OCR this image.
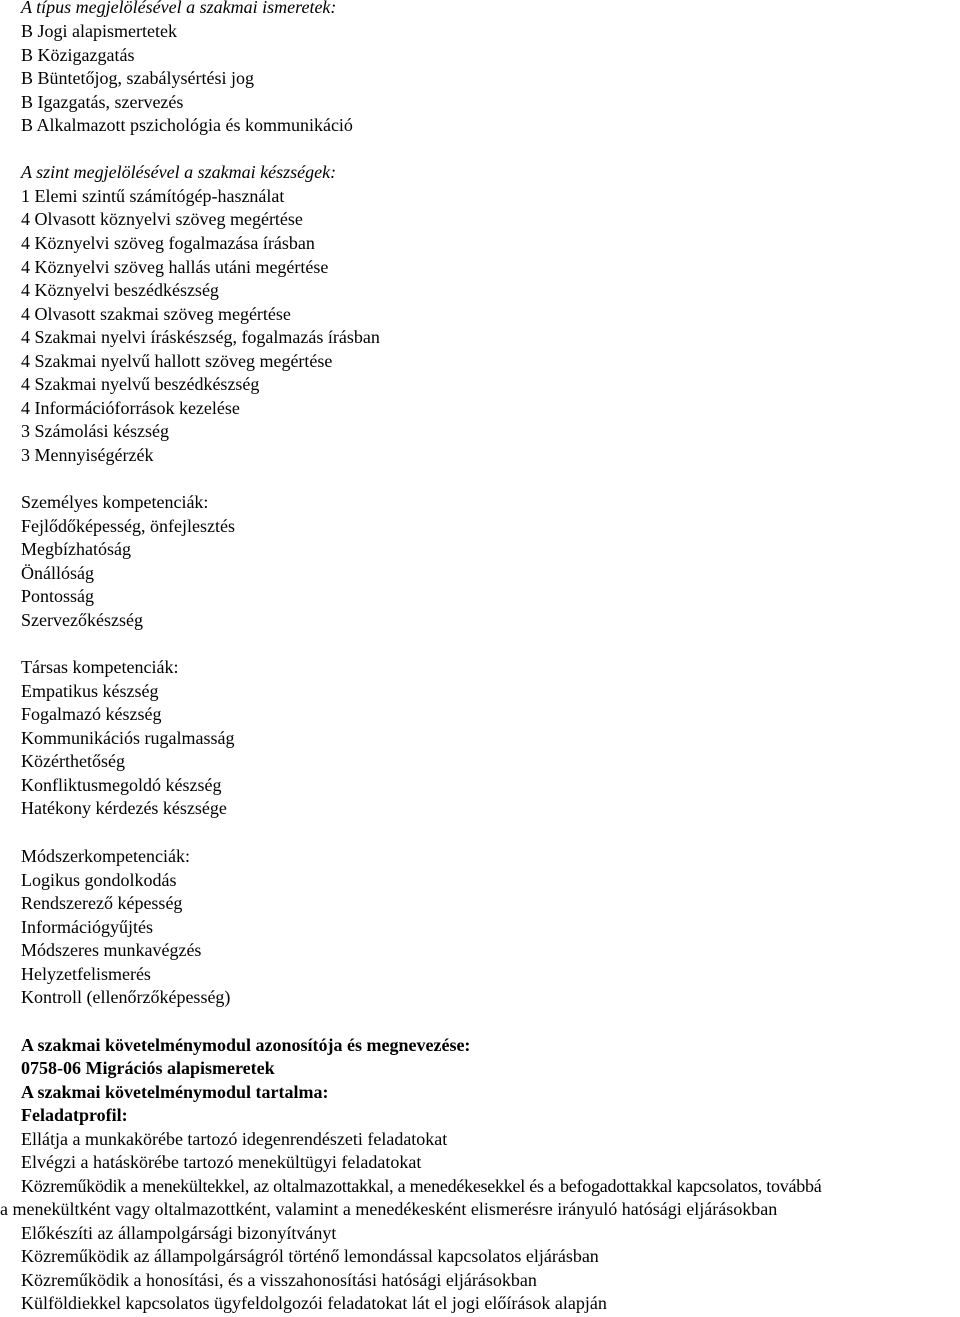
A típus megjelölésével a szakmai ismeretek:
B Jogi alapismertetek
B Közigazgatás
B Büntetőjog, szabálysértési jog
B Igazgatás, szervezés
B Alkalmazott pszichológia és kommunikáció
A szint megjelölésével a szakmai készségek:
1 Elemi szintű számítógép-használat
4 Olvasott köznyelvi szöveg megértése
4 Köznyelvi szöveg fogalmazása írásban
4 Köznyelvi szöveg hallás utáni megértése
4 Köznyelvi beszédkészség
4 Olvasott szakmai szöveg megértése
4 Szakmai nyelvi íráskészség, fogalmazás írásban
4 Szakmai nyelvű hallott szöveg megértése
4 Szakmai nyelvű beszédkészség
4 Információforrások kezelése
3 Számolási készség
3 Mennyiségérzék
Személyes kompetenciák:
Fejlődőképesség, önfejlesztés
Megbízhatóság
Önállóság
Pontosság
Szervezőkészség
Társas kompetenciák:
Empatikus készség
Fogalmazó készség
Kommunikációs rugalmasság
Közérthetőség
Konfliktusmegoldó készség
Hatékony kérdezés készsége
Módszerkompetenciák:
Logikus gondolkodás
Rendszerező képesség
Információgyűjtés
Módszeres munkavégzés
Helyzetfelismerés
Kontroll (ellenőrzőképesség)
A szakmai követelménymodul azonosítója és megnevezése:
0758-06 Migrációs alapismeretek
A szakmai követelménymodul tartalma:
Feladatprofil:
Ellátja a munkakörébe tartozó idegenrendészeti feladatokat
Elvégzi a hatáskörébe tartozó menekültügyi feladatokat
Közreműködik a menekültekkel, az oltalmazottakkal, a menedékesekkel és a befogadottakkal kapcsolatos, továbbá
a menekültként vagy oltalmazottként, valamint a menedékesként elismerésre irányuló hatósági eljárásokban
Előkészíti az állampolgársági bizonyítványt
Közreműködik az állampolgárságról történő lemondással kapcsolatos eljárásban
Közreműködik a honosítási, és a visszahonosítási hatósági eljárásokban
Külföldiekkel kapcsolatos ügyfeldolgozói feladatokat lát el jogi előírások alapján
